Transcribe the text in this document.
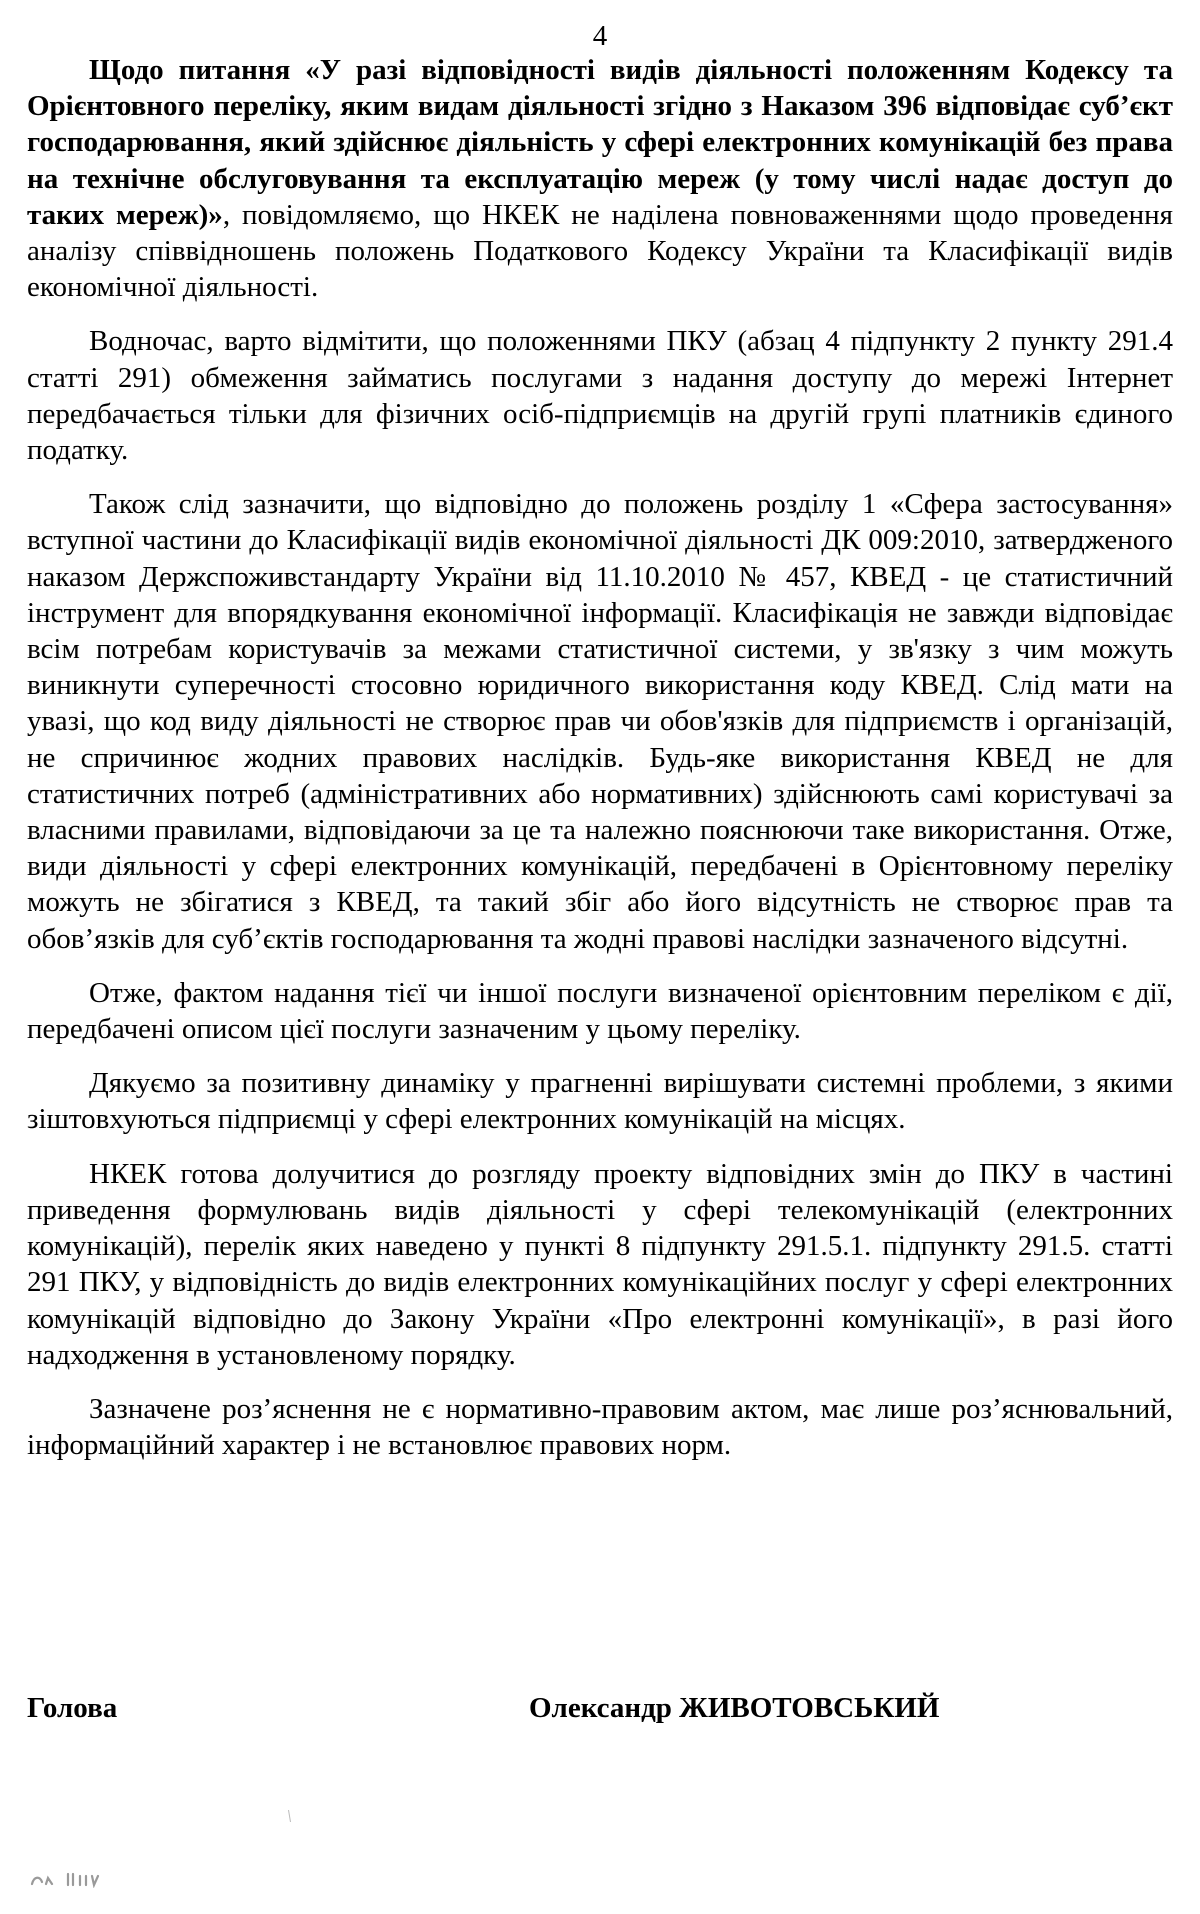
4

Щодо питання «У разі відповідності видів діяльності положенням Кодексу та Орієнтовного переліку, яким видам діяльності згідно з Наказом 396 відповідає суб’єкт господарювання, який здійснює діяльність у сфері електронних комунікацій без права на технічне обслуговування та експлуатацію мереж (у тому числі надає доступ до таких мереж)», повідомляємо, що НКЕК не наділена повноваженнями щодо проведення аналізу співвідношень положень Податкового Кодексу України та Класифікації видів економічної діяльності.

Водночас, варто відмітити, що положеннями ПКУ (абзац 4 підпункту 2 пункту 291.4 статті 291) обмеження займатись послугами з надання доступу до мережі Інтернет передбачається тільки для фізичних осіб-підприємців на другій групі платників єдиного податку.

Також слід зазначити, що відповідно до положень розділу 1 «Сфера застосування» вступної частини до Класифікації видів економічної діяльності ДК 009:2010, затвердженого наказом Держспоживстандарту України від 11.10.2010 № 457, КВЕД - це статистичний інструмент для впорядкування економічної інформації. Класифікація не завжди відповідає всім потребам користувачів за межами статистичної системи, у зв'язку з чим можуть виникнути суперечності стосовно юридичного використання коду КВЕД. Слід мати на увазі, що код виду діяльності не створює прав чи обов'язків для підприємств і організацій, не спричинює жодних правових наслідків. Будь-яке використання КВЕД не для статистичних потреб (адміністративних або нормативних) здійснюють самі користувачі за власними правилами, відповідаючи за це та належно пояснюючи таке використання. Отже, види діяльності у сфері електронних комунікацій, передбачені в Орієнтовному переліку можуть не збігатися з КВЕД, та такий збіг або його відсутність не створює прав та обов’язків для суб’єктів господарювання та жодні правові наслідки зазначеного відсутні.

Отже, фактом надання тієї чи іншої послуги визначеної орієнтовним переліком є дії, передбачені описом цієї послуги зазначеним у цьому переліку.

Дякуємо за позитивну динаміку у прагненні вирішувати системні проблеми, з якими зіштовхуються підприємці у сфері електронних комунікацій на місцях.

НКЕК готова долучитися до розгляду проекту відповідних змін до ПКУ в частині приведення формулювань видів діяльності у сфері телекомунікацій (електронних комунікацій), перелік яких наведено у пункті 8 підпункту 291.5.1. підпункту 291.5. статті 291 ПКУ, у відповідність до видів електронних комунікаційних послуг у сфері електронних комунікацій відповідно до Закону України «Про електронні комунікації», в разі його надходження в установленому порядку.

Зазначене роз’яснення не є нормативно-правовим актом, має лише роз’яснювальний, інформаційний характер і не встановлює правових норм.

Голова	Олександр ЖИВОТОВСЬКИЙ
